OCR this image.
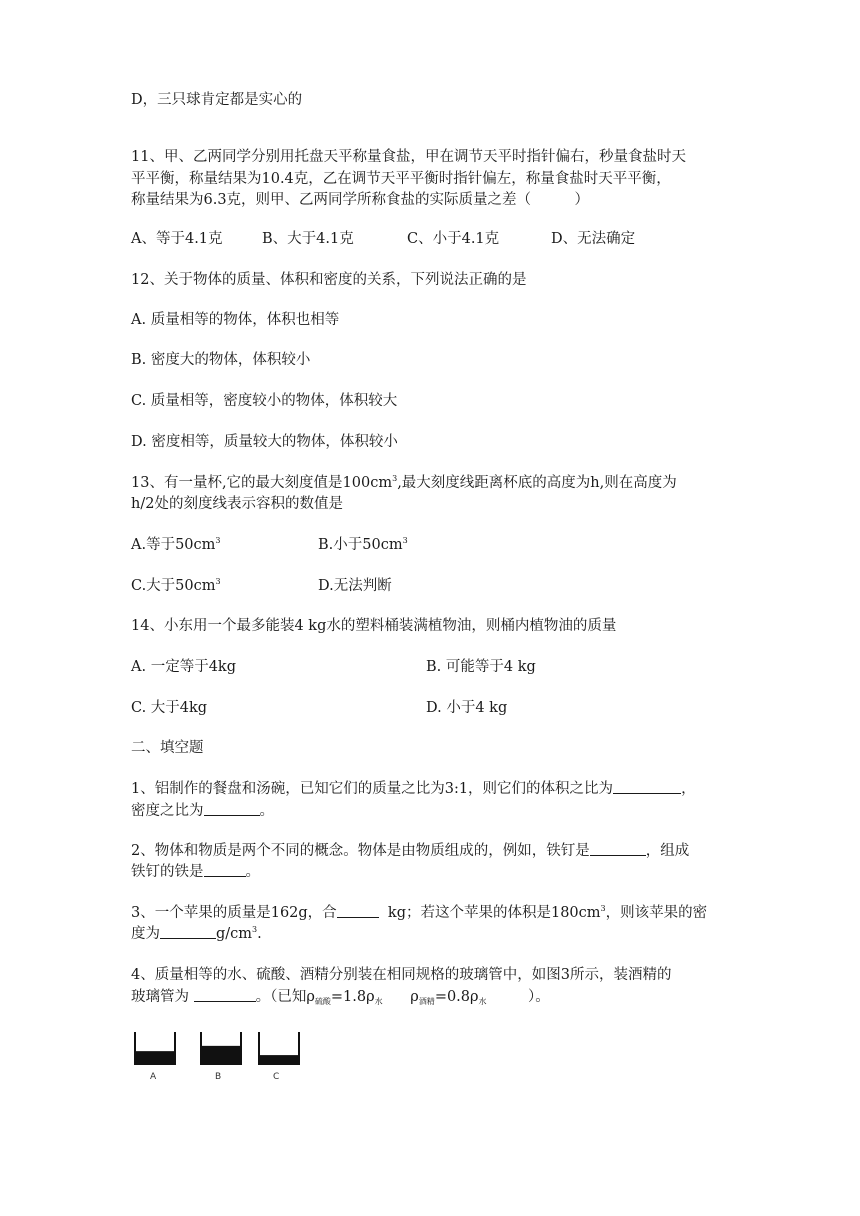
D，三只球肯定都是实心的
11、甲、乙两同学分别用托盘天平称量食盐，甲在调节天平时指针偏右，秒量食盐时天
平平衡，称量结果为10.4克，乙在调节天平平衡时指针偏左，称量食盐时天平平衡，
称量结果为6.3克，则甲、乙两同学所称食盐的实际质量之差（　　　）
A、等于4.1克	B、大于4.1克	C、小于4.1克	D、无法确定
12、关于物体的质量、体积和密度的关系，下列说法正确的是
A. 质量相等的物体，体积也相等
B. 密度大的物体，体积较小
C. 质量相等，密度较小的物体，体积较大
D. 密度相等，质量较大的物体，体积较小
13、有一量杯,它的最大刻度值是$100cm^3$,最大刻度线距离杯底的高度为h,则在高度为
h/2处的刻度线表示容积的数值是
A.等于$50cm^3$	B.小于$50cm^3$
C.大于$50cm^3$	D.无法判断
14、小东用一个最多能装4 kg水的塑料桶装满植物油，则桶内植物油的质量
A. 一定等于4kg	B. 可能等于4 kg
C. 大于4kg	D. 小于4 kg
二、填空题
1、铝制作的餐盘和汤碗，已知它们的质量之比为3:1，则它们的体积之比为	，
密度之比为	。
2、物体和物质是两个不同的概念。物体是由物质组成的，例如，铁钉是	，组成
铁钉的铁是	。
3、一个苹果的质量是162g，合	kg；若这个苹果的体积是$180cm^3$，则该苹果的密
度为	$g/cm^3$.
4、质量相等的水、硫酸、酒精分别装在相同规格的玻璃管中，如图3所示，装酒精的
玻璃管为	。（已知$\rho_{硫酸}=1.8\rho_水$ $\rho_{酒精}=0.8\rho_水$	）。
A	B	C
